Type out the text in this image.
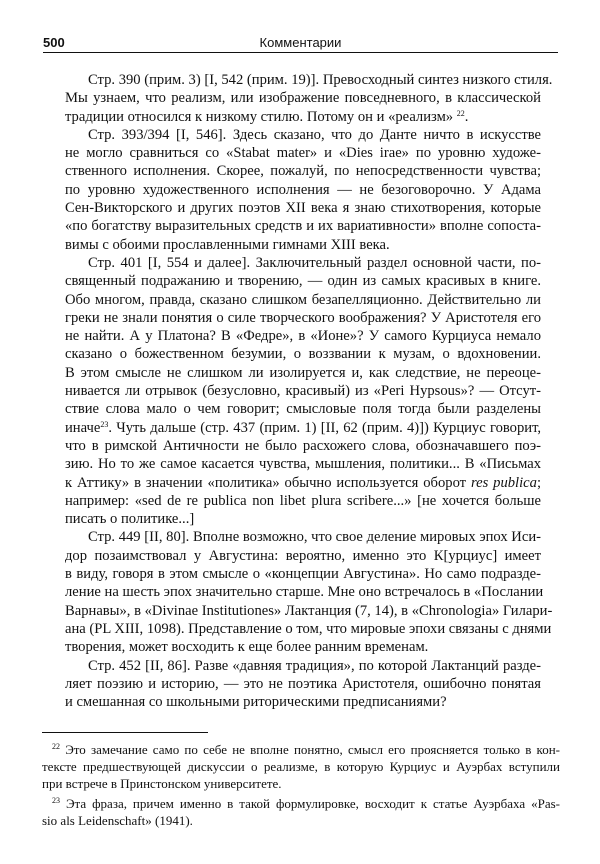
500	Комментарии
Стр. 390 (прим. 3) [I, 542 (прим. 19)]. Превосходный синтез низкого стиля.
Мы узнаем, что реализм, или изображение повседневного, в классической
традиции относился к низкому стилю. Потому он и «реализм» $^{22}$.
Стр. 393/394 [I, 546]. Здесь сказано, что до Данте ничто в искусстве
не могло сравниться со «Stabat mater» и «Dies irae» по уровню художе-
ственного исполнения. Скорее, пожалуй, по непосредственности чувства;
по уровню художественного исполнения — не безоговорочно. У Адама
Сен-Викторского и других поэтов XII века я знаю стихотворения, которые
«по богатству выразительных средств и их вариативности» вполне сопоста-
вимы с обоими прославленными гимнами XIII века.
Стр. 401 [I, 554 и далее]. Заключительный раздел основной части, по-
священный подражанию и творению, — один из самых красивых в книге.
Обо многом, правда, сказано слишком безапелляционно. Действительно ли
греки не знали понятия о силе творческого воображения? У Аристотеля его
не найти. А у Платона? В «Федре», в «Ионе»? У самого Курциуса немало
сказано о божественном безумии, о воззвании к музам, о вдохновении.
В этом смысле не слишком ли изолируется и, как следствие, не переоце-
нивается ли отрывок (безусловно, красивый) из «Peri Hypsous»? — Отсут-
ствие слова мало о чем говорит; смысловые поля тогда были разделены
иначе$^{23}$. Чуть дальше (стр. 437 (прим. 1) [II, 62 (прим. 4)]) Курциус говорит,
что в римской Античности не было расхожего слова, обозначавшего поэ-
зию. Но то же самое касается чувства, мышления, политики... В «Письмах
к Аттику» в значении «политика» обычно используется оборот res publica;
например: «sed de re publica non libet plura scribere...» [не хочется больше
писать о политике...]
Стр. 449 [II, 80]. Вполне возможно, что свое деление мировых эпох Иси-
дор позаимствовал у Августина: вероятно, именно это К[урциус] имеет
в виду, говоря в этом смысле о «концепции Августина». Но само подразде-
ление на шесть эпох значительно старше. Мне оно встречалось в «Послании
Варнавы», в «Divinae Institutiones» Лактанция (7, 14), в «Chronologia» Гилари-
ана (PL XIII, 1098). Представление о том, что мировые эпохи связаны с днями
творения, может восходить к еще более ранним временам.
Стр. 452 [II, 86]. Разве «давняя традиция», по которой Лактанций разде-
ляет поэзию и историю, — это не поэтика Аристотеля, ошибочно понятая
и смешанная со школьными риторическими предписаниями?
$^{22}$ Это замечание само по себе не вполне понятно, смысл его проясняется только в кон-
тексте предшествующей дискуссии о реализме, в которую Курциус и Ауэрбах вступили
при встрече в Принстонском университете.
$^{23}$ Эта фраза, причем именно в такой формулировке, восходит к статье Ауэрбаха «Pas-
sio als Leidenschaft» (1941).
